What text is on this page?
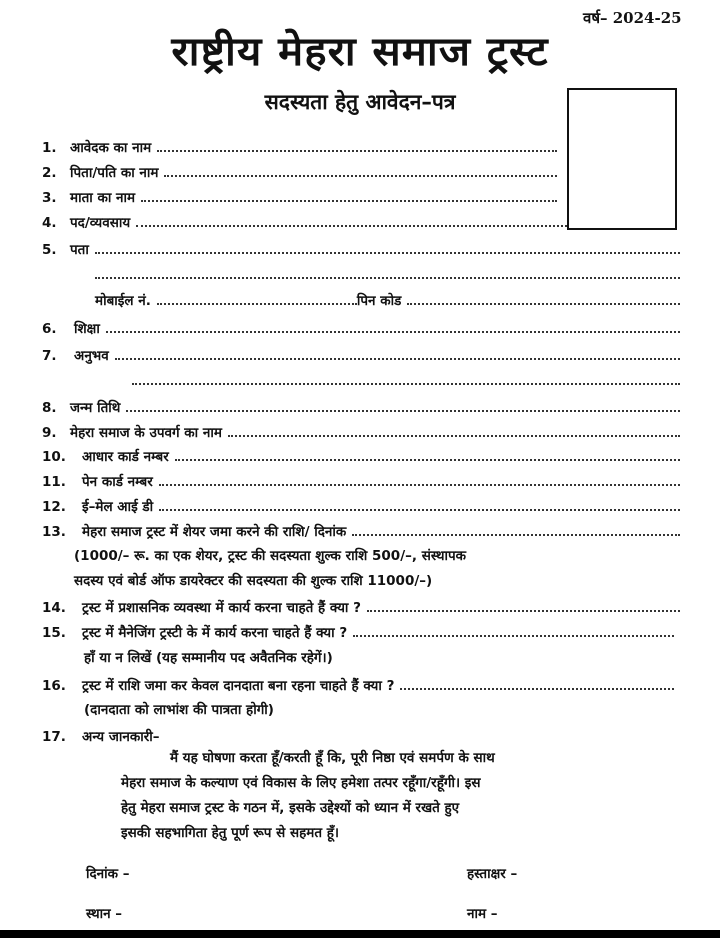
वर्ष– 2024-25
राष्ट्रीय मेहरा समाज ट्रस्ट
सदस्यता हेतु आवेदन–पत्र
1. आवेदक का नाम
2. पिता/पति का नाम
3. माता का नाम
4. पद/व्यवसाय
5. पता
मोबाईल नं.	पिन कोड
6.	शिक्षा
7.	अनुभव
8. जन्म तिथि
9. मेहरा समाज के उपवर्ग का नाम
10.	आधार कार्ड नम्बर
11.	पेन कार्ड नम्बर
12.	ई–मेल आई डी
13.	मेहरा समाज ट्रस्ट में शेयर जमा करने की राशि/ दिनांक
(1000/– रू. का एक शेयर, ट्रस्ट की सदस्यता शुल्क राशि 500/–, संस्थापक
सदस्य एवं बोर्ड ऑफ डायरेक्टर की सदस्यता की शुल्क राशि 11000/–)
14.	ट्रस्ट में प्रशासनिक व्यवस्था में कार्य करना चाहते हैं क्या ?
15.	ट्रस्ट में मैनेजिंग ट्रस्टी के में कार्य करना चाहते हैं क्या ?
हाँ या न लिखें (यह सम्मानीय पद अवैतनिक रहेगें।)
16.	ट्रस्ट में राशि जमा कर केवल दानदाता बना रहना चाहते हैं क्या ?
(दानदाता को लाभांश की पात्रता होगी)
17.	अन्य जानकारी–
मैं यह घोषणा करता हूँ/करती हूँ कि, पूरी निष्ठा एवं समर्पण के साथ
मेहरा समाज के कल्याण एवं विकास के लिए हमेशा तत्पर रहूँगा/रहूँगी। इस
हेतु मेहरा समाज ट्रस्ट के गठन में, इसके उद्देश्यों को ध्यान में रखते हुए
इसकी सहभागिता हेतु पूर्ण रूप से सहमत हूँ।
दिनांक –	हस्ताक्षर –
स्थान –	नाम –
